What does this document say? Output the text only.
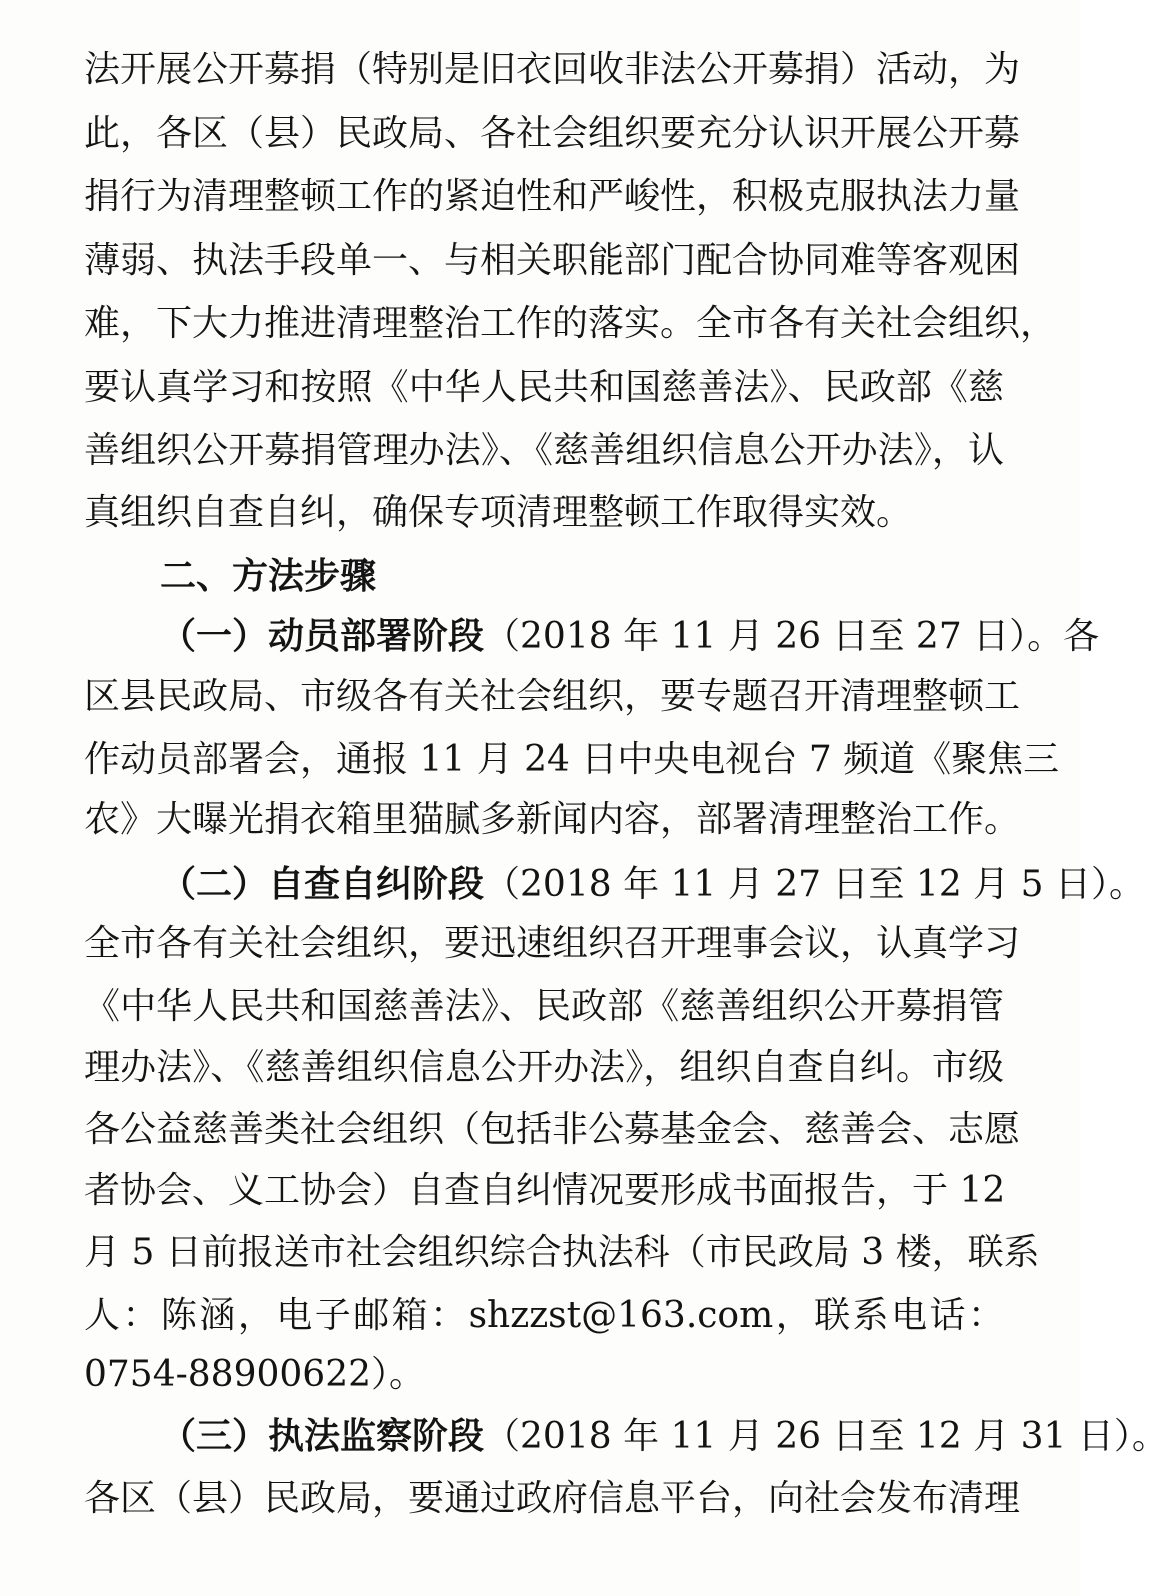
法开展公开募捐（特别是旧衣回收非法公开募捐）活动，为
此，各区（县）民政局、各社会组织要充分认识开展公开募
捐行为清理整顿工作的紧迫性和严峻性，积极克服执法力量
薄弱、执法手段单一、与相关职能部门配合协同难等客观困
难，下大力推进清理整治工作的落实。全市各有关社会组织，
要认真学习和按照《中华人民共和国慈善法》、民政部《慈
善组织公开募捐管理办法》、《慈善组织信息公开办法》，认
真组织自查自纠，确保专项清理整顿工作取得实效。
二、方法步骤
（一）动员部署阶段（2018 年 11 月 26 日至 27 日）。各
区县民政局、市级各有关社会组织，要专题召开清理整顿工
作动员部署会，通报 11 月 24 日中央电视台 7 频道《聚焦三
农》大曝光捐衣箱里猫腻多新闻内容，部署清理整治工作。
（二）自查自纠阶段（2018 年 11 月 27 日至 12 月 5 日）。
全市各有关社会组织，要迅速组织召开理事会议，认真学习
《中华人民共和国慈善法》、民政部《慈善组织公开募捐管
理办法》、《慈善组织信息公开办法》，组织自查自纠。市级
各公益慈善类社会组织（包括非公募基金会、慈善会、志愿
者协会、义工协会）自查自纠情况要形成书面报告，于 12
月 5 日前报送市社会组织综合执法科（市民政局 3 楼，联系
人：陈涵，电子邮箱：shzzst@163.com，联系电话：
0754-88900622）。
（三）执法监察阶段（2018 年 11 月 26 日至 12 月 31 日）。
各区（县）民政局，要通过政府信息平台，向社会发布清理
